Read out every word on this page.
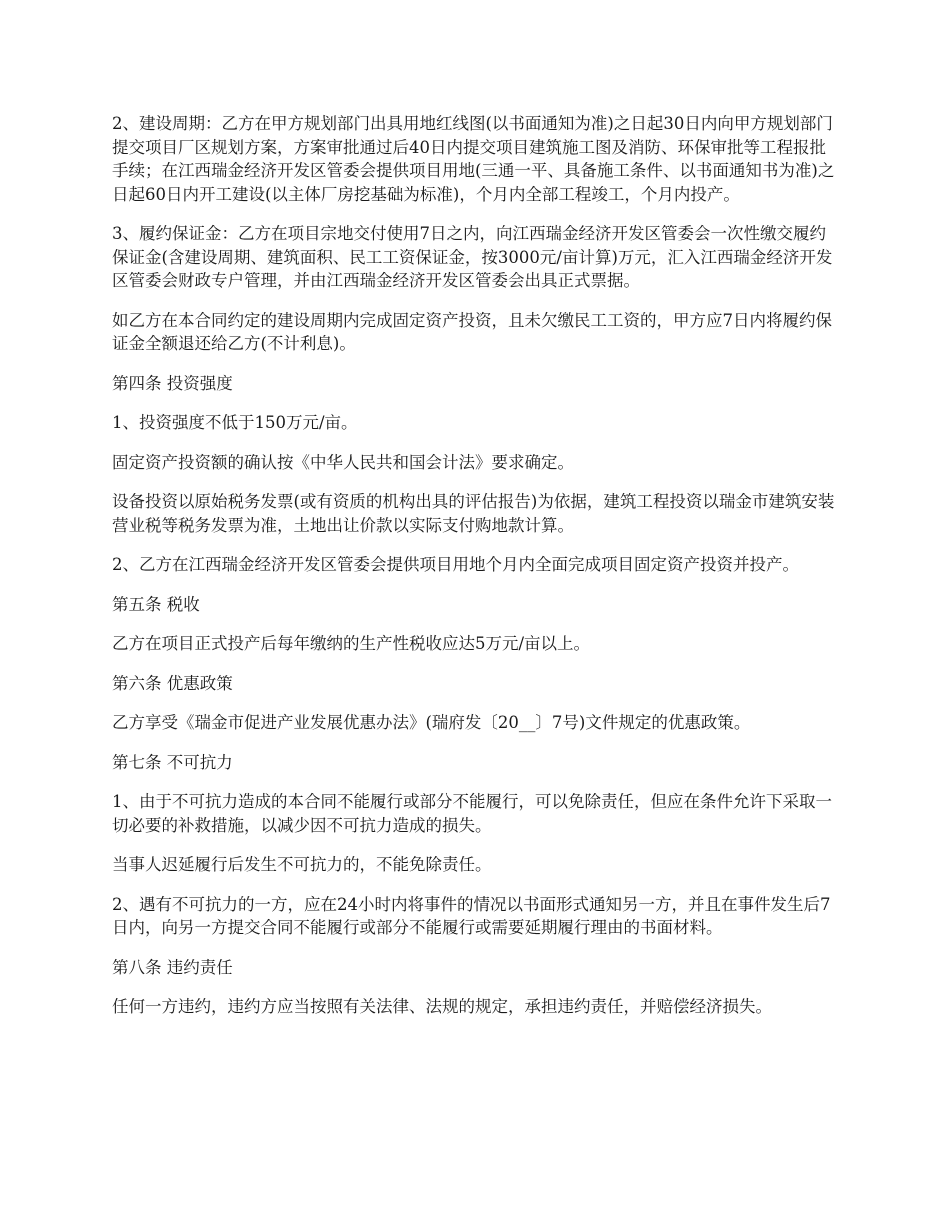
2、建设周期：乙方在甲方规划部门出具用地红线图(以书面通知为准)之日起30日内向甲方规划部门提交项目厂区规划方案，方案审批通过后40日内提交项目建筑施工图及消防、环保审批等工程报批手续；在江西瑞金经济开发区管委会提供项目用地(三通一平、具备施工条件、以书面通知书为准)之日起60日内开工建设(以主体厂房挖基础为标准)，个月内全部工程竣工，个月内投产。

3、履约保证金：乙方在项目宗地交付使用7日之内，向江西瑞金经济开发区管委会一次性缴交履约保证金(含建设周期、建筑面积、民工工资保证金，按3000元/亩计算)万元，汇入江西瑞金经济开发区管委会财政专户管理，并由江西瑞金经济开发区管委会出具正式票据。

如乙方在本合同约定的建设周期内完成固定资产投资，且未欠缴民工工资的，甲方应7日内将履约保证金全额退还给乙方(不计利息)。

第四条 投资强度

1、投资强度不低于150万元/亩。

固定资产投资额的确认按《中华人民共和国会计法》要求确定。

设备投资以原始税务发票(或有资质的机构出具的评估报告)为依据，建筑工程投资以瑞金市建筑安装营业税等税务发票为准，土地出让价款以实际支付购地款计算。

2、乙方在江西瑞金经济开发区管委会提供项目用地个月内全面完成项目固定资产投资并投产。

第五条 税收

乙方在项目正式投产后每年缴纳的生产性税收应达5万元/亩以上。

第六条 优惠政策

乙方享受《瑞金市促进产业发展优惠办法》(瑞府发〔20__〕7号)文件规定的优惠政策。

第七条 不可抗力

1、由于不可抗力造成的本合同不能履行或部分不能履行，可以免除责任，但应在条件允许下采取一切必要的补救措施，以减少因不可抗力造成的损失。

当事人迟延履行后发生不可抗力的，不能免除责任。

2、遇有不可抗力的一方，应在24小时内将事件的情况以书面形式通知另一方，并且在事件发生后7日内，向另一方提交合同不能履行或部分不能履行或需要延期履行理由的书面材料。

第八条 违约责任

任何一方违约，违约方应当按照有关法律、法规的规定，承担违约责任，并赔偿经济损失。
